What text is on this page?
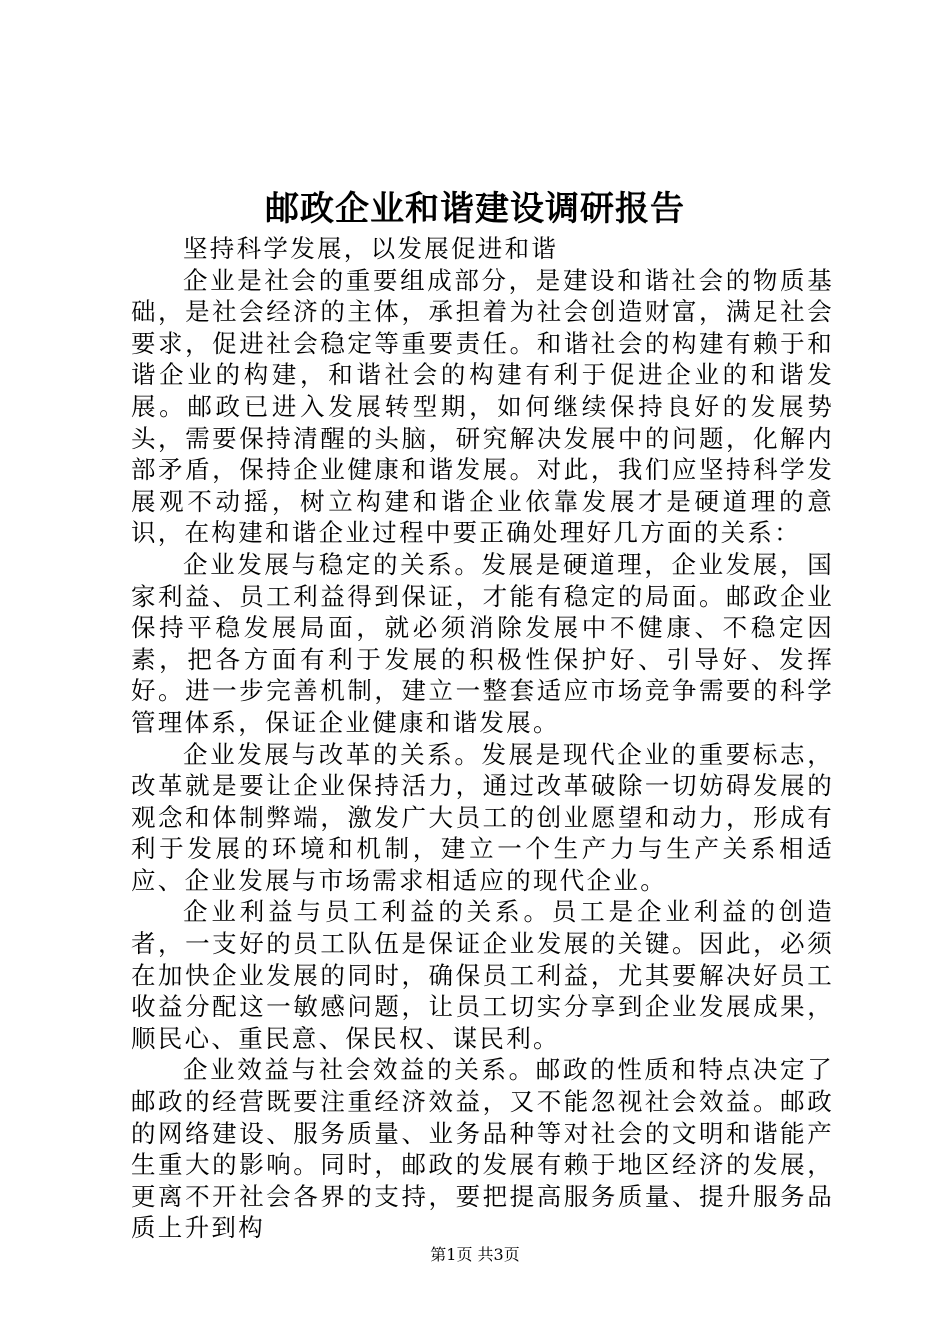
邮政企业和谐建设调研报告

坚持科学发展，以发展促进和谐

企业是社会的重要组成部分，是建设和谐社会的物质基础，是社会经济的主体，承担着为社会创造财富，满足社会要求，促进社会稳定等重要责任。和谐社会的构建有赖于和谐企业的构建，和谐社会的构建有利于促进企业的和谐发展。邮政已进入发展转型期，如何继续保持良好的发展势头，需要保持清醒的头脑，研究解决发展中的问题，化解内部矛盾，保持企业健康和谐发展。对此，我们应坚持科学发展观不动摇，树立构建和谐企业依靠发展才是硬道理的意识，在构建和谐企业过程中要正确处理好几方面的关系：

企业发展与稳定的关系。发展是硬道理，企业发展，国家利益、员工利益得到保证，才能有稳定的局面。邮政企业保持平稳发展局面，就必须消除发展中不健康、不稳定因素，把各方面有利于发展的积极性保护好、引导好、发挥好。进一步完善机制，建立一整套适应市场竞争需要的科学管理体系，保证企业健康和谐发展。

企业发展与改革的关系。发展是现代企业的重要标志，改革就是要让企业保持活力，通过改革破除一切妨碍发展的观念和体制弊端，激发广大员工的创业愿望和动力，形成有利于发展的环境和机制，建立一个生产力与生产关系相适应、企业发展与市场需求相适应的现代企业。

企业利益与员工利益的关系。员工是企业利益的创造者，一支好的员工队伍是保证企业发展的关键。因此，必须在加快企业发展的同时，确保员工利益，尤其要解决好员工收益分配这一敏感问题，让员工切实分享到企业发展成果，顺民心、重民意、保民权、谋民利。

企业效益与社会效益的关系。邮政的性质和特点决定了邮政的经营既要注重经济效益，又不能忽视社会效益。邮政的网络建设、服务质量、业务品种等对社会的文明和谐能产生重大的影响。同时，邮政的发展有赖于地区经济的发展，更离不开社会各界的支持，要把提高服务质量、提升服务品质上升到构

第1页 共3页
